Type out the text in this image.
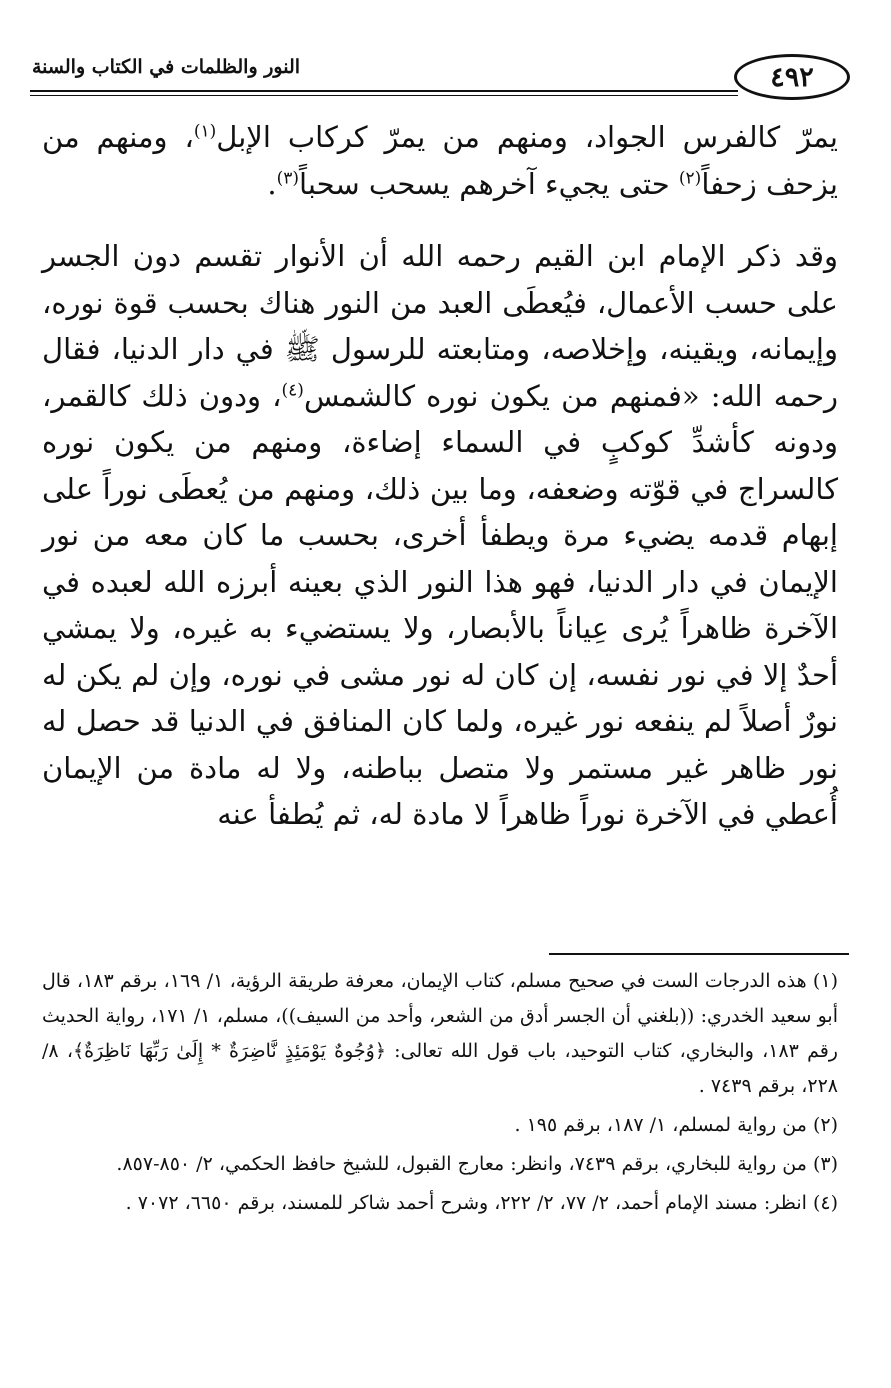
٤٩٢
النور والظلمات في الكتاب والسنة

يمرّ كالفرس الجواد، ومنهم من يمرّ كركاب الإبل$^{(١)}$، ومنهم من يزحف زحفاً$^{(٢)}$ حتى يجيء آخرهم يسحب سحباً$^{(٣)}$.

وقد ذكر الإمام ابن القيم رحمه الله أن الأنوار تقسم دون الجسر على حسب الأعمال، فيُعطَى العبد من النور هناك بحسب قوة نوره، وإيمانه، ويقينه، وإخلاصه، ومتابعته للرسول ﷺ في دار الدنيا، فقال رحمه الله: «فمنهم من يكون نوره كالشمس$^{(٤)}$، ودون ذلك كالقمر، ودونه كأشدِّ كوكبٍ في السماء إضاءة، ومنهم من يكون نوره كالسراج في قوّته وضعفه، وما بين ذلك، ومنهم من يُعطَى نوراً على إبهام قدمه يضيء مرة ويطفأ أخرى، بحسب ما كان معه من نور الإيمان في دار الدنيا، فهو هذا النور الذي بعينه أبرزه الله لعبده في الآخرة ظاهراً يُرى عِياناً بالأبصار، ولا يستضيء به غيره، ولا يمشي أحدٌ إلا في نور نفسه، إن كان له نور مشى في نوره، وإن لم يكن له نورٌ أصلاً لم ينفعه نور غيره، ولما كان المنافق في الدنيا قد حصل له نور ظاهر غير مستمر ولا متصل بباطنه، ولا له مادة من الإيمان أُعطي في الآخرة نوراً ظاهراً لا مادة له، ثم يُطفأ عنه

(١) هذه الدرجات الست في صحيح مسلم، كتاب الإيمان، معرفة طريقة الرؤية، ١/ ١٦٩، برقم ١٨٣، قال أبو سعيد الخدري: ((بلغني أن الجسر أدق من الشعر، وأحد من السيف))، مسلم، ١/ ١٧١، رواية الحديث رقم ١٨٣، والبخاري، كتاب التوحيد، باب قول الله تعالى: ﴿وُجُوهٌ يَوْمَئِذٍ نَّاضِرَةٌ * إِلَىٰ رَبِّهَا نَاظِرَةٌ﴾، ٨/ ٢٢٨، برقم ٧٤٣٩ .

(٢) من رواية لمسلم، ١/ ١٨٧، برقم ١٩٥ .

(٣) من رواية للبخاري، برقم ٧٤٣٩، وانظر: معارج القبول، للشيخ حافظ الحكمي، ٢/ ٨٥٠-٨٥٧.

(٤) انظر: مسند الإمام أحمد، ٢/ ٧٧، ٢/ ٢٢٢، وشرح أحمد شاكر للمسند، برقم ٦٦٥٠، ٧٠٧٢ .
